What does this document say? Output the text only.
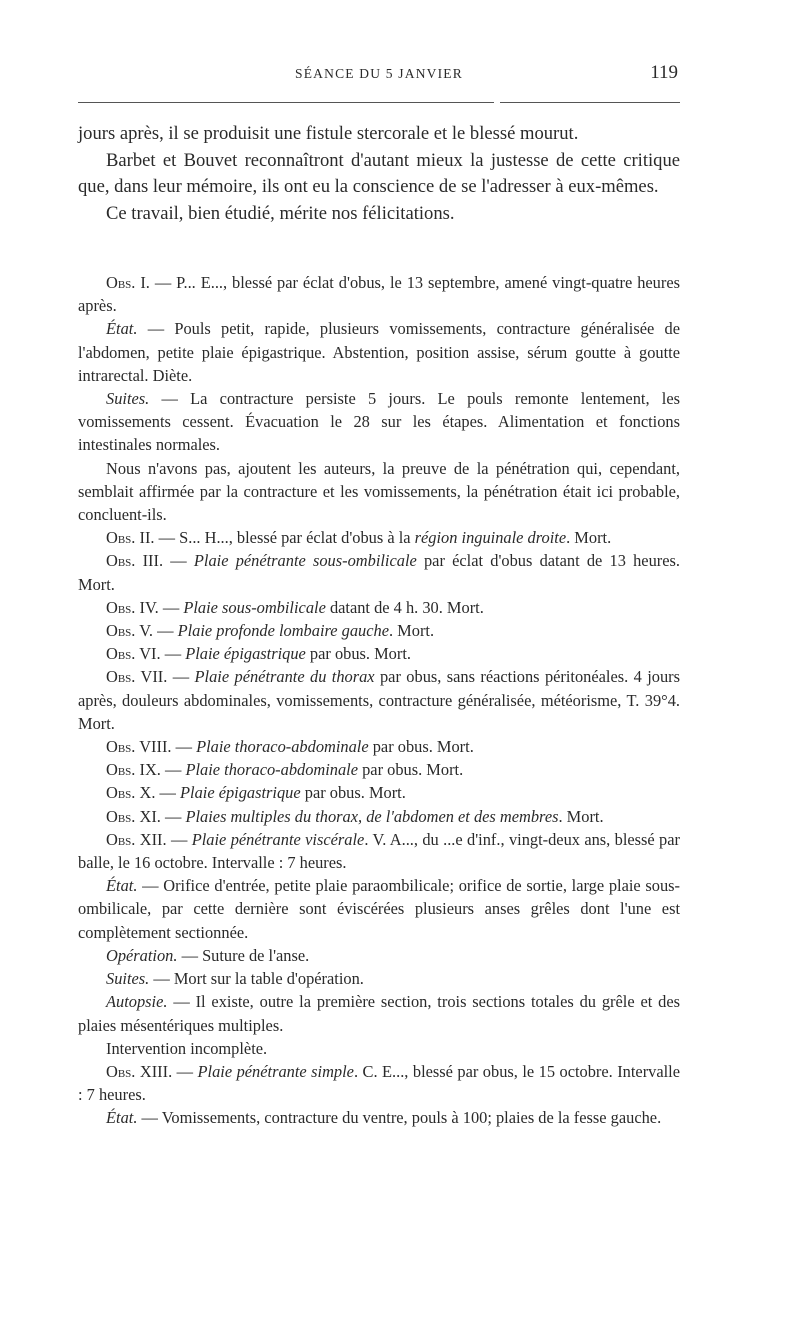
SÉANCE DU 5 JANVIER	119

jours après, il se produisit une fistule stercorale et le blessé mourut.

Barbet et Bouvet reconnaîtront d'autant mieux la justesse de cette critique que, dans leur mémoire, ils ont eu la conscience de se l'adresser à eux-mêmes.

Ce travail, bien étudié, mérite nos félicitations.

Obs. I. — P... E..., blessé par éclat d'obus, le 13 septembre, amené vingt-quatre heures après.

État. — Pouls petit, rapide, plusieurs vomissements, contracture généralisée de l'abdomen, petite plaie épigastrique. Abstention, position assise, sérum goutte à goutte intrarectal. Diète.

Suites. — La contracture persiste 5 jours. Le pouls remonte lentement, les vomissements cessent. Évacuation le 28 sur les étapes. Alimentation et fonctions intestinales normales.

Nous n'avons pas, ajoutent les auteurs, la preuve de la pénétration qui, cependant, semblait affirmée par la contracture et les vomissements, la pénétration était ici probable, concluent-ils.

Obs. II. — S... H..., blessé par éclat d'obus à la région inguinale droite. Mort.

Obs. III. — Plaie pénétrante sous-ombilicale par éclat d'obus datant de 13 heures. Mort.

Obs. IV. — Plaie sous-ombilicale datant de 4 h. 30. Mort.

Obs. V. — Plaie profonde lombaire gauche. Mort.

Obs. VI. — Plaie épigastrique par obus. Mort.

Obs. VII. — Plaie pénétrante du thorax par obus, sans réactions péritonéales. 4 jours après, douleurs abdominales, vomissements, contracture généralisée, météorisme, T. 39°4. Mort.

Obs. VIII. — Plaie thoraco-abdominale par obus. Mort.

Obs. IX. — Plaie thoraco-abdominale par obus. Mort.

Obs. X. — Plaie épigastrique par obus. Mort.

Obs. XI. — Plaies multiples du thorax, de l'abdomen et des membres. Mort.

Obs. XII. — Plaie pénétrante viscérale. V. A..., du ...e d'inf., vingt-deux ans, blessé par balle, le 16 octobre. Intervalle : 7 heures.

État. — Orifice d'entrée, petite plaie paraombilicale; orifice de sortie, large plaie sous-ombilicale, par cette dernière sont éviscérées plusieurs anses grêles dont l'une est complètement sectionnée.

Opération. — Suture de l'anse.

Suites. — Mort sur la table d'opération.

Autopsie. — Il existe, outre la première section, trois sections totales du grêle et des plaies mésentériques multiples.

Intervention incomplète.

Obs. XIII. — Plaie pénétrante simple. C. E..., blessé par obus, le 15 octobre. Intervalle : 7 heures.

État. — Vomissements, contracture du ventre, pouls à 100; plaies de la fesse gauche.
